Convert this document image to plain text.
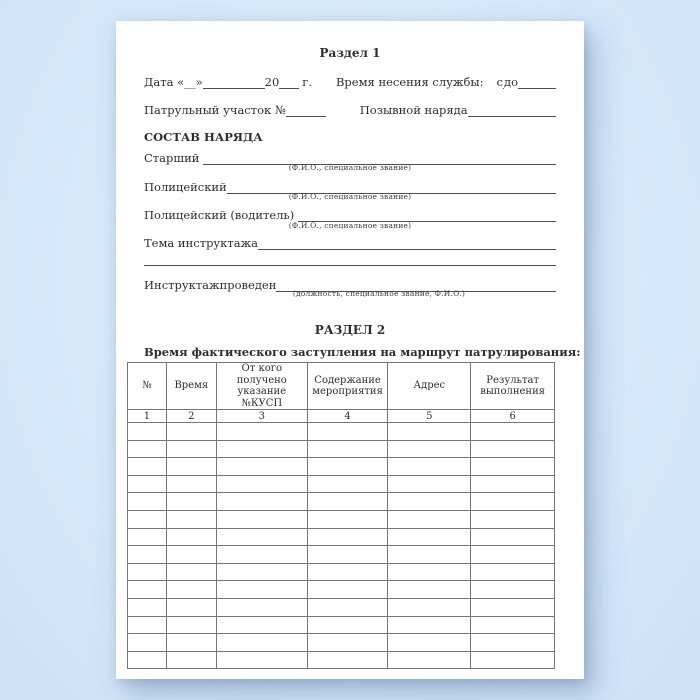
Раздел 1
Дата «__»	20 г. Время несения службы: с до
Патрульный участок №	Позывной наряда
СОСТАВ НАРЯДА
Старший
(Ф.И.О., специальное звание)
Полицейский
(Ф.И.О., специальное звание)
Полицейский (водитель)
(Ф.И.О., специальное звание)
Тема инструктажа
Инструктажпроведен
(должность, специальное звание, Ф.И.О.)
РАЗДЕЛ 2
Время фактического заступления на маршрут патрулирования:
№	Время	От кого получено указание №КУСП	Содержание мероприятия	Адрес	Результат выполнения
1	2	3	4	5	6
